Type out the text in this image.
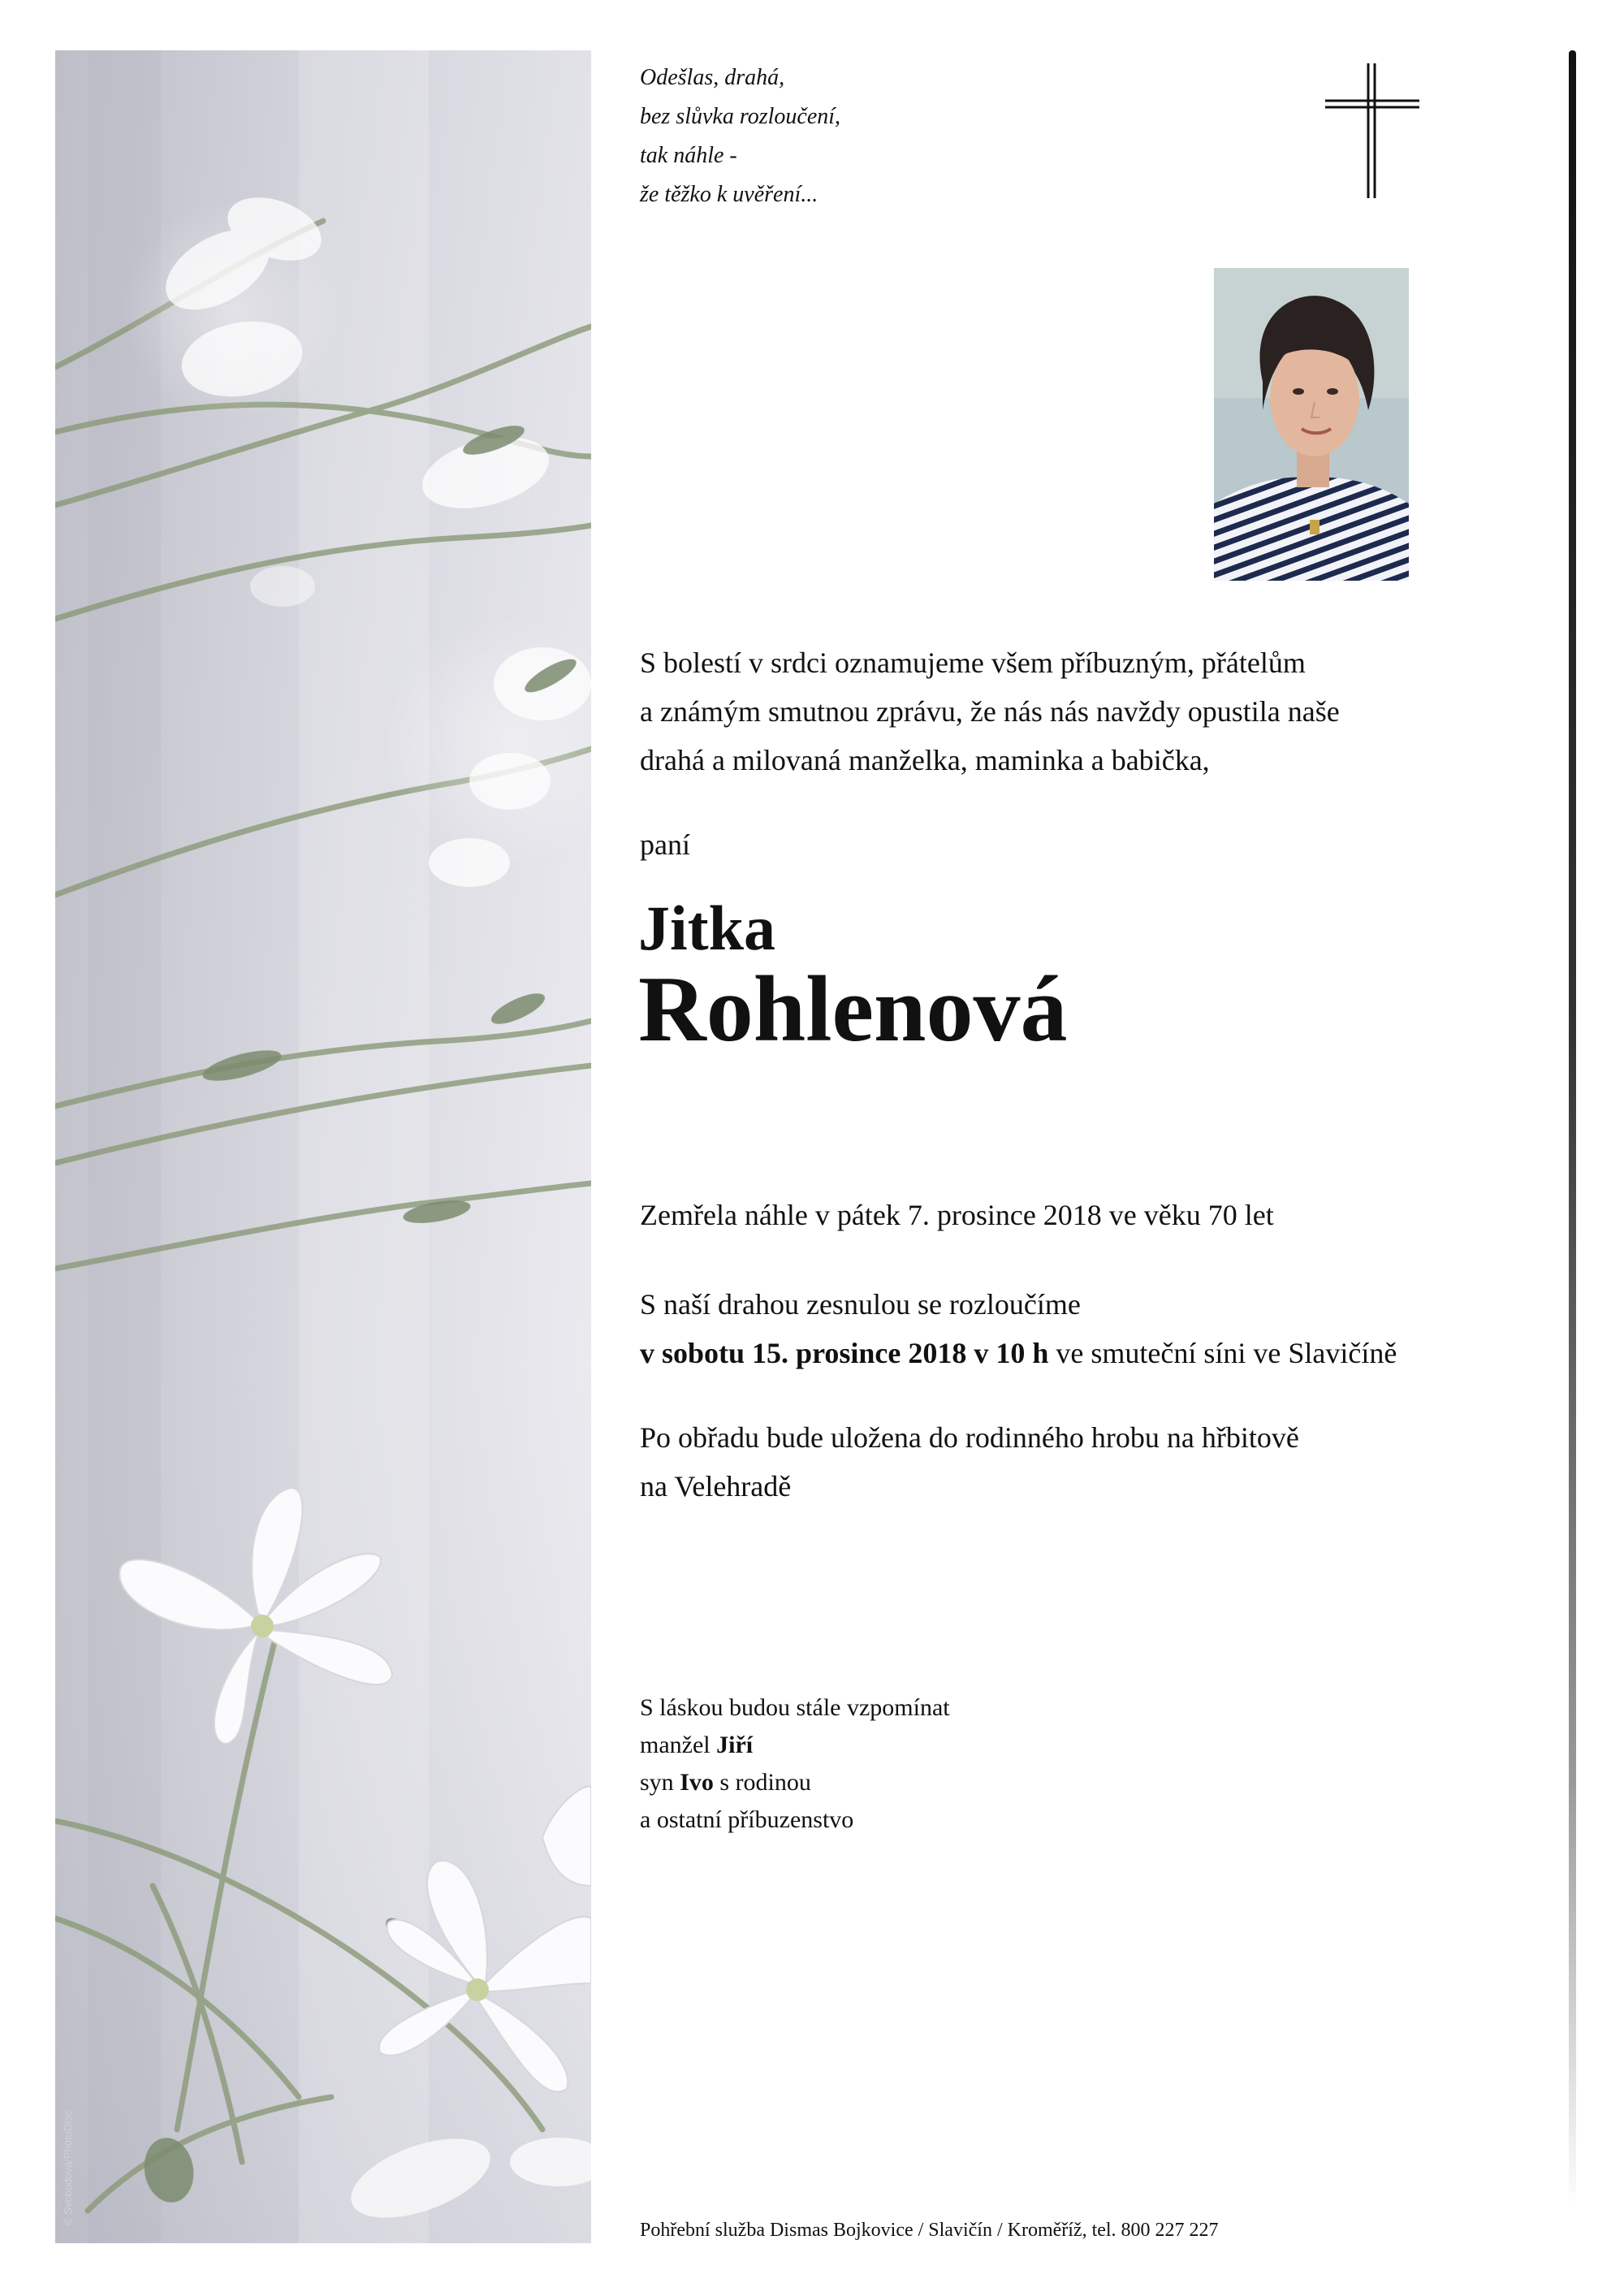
© Svobodová/PhotoDisc
Odešlas, drahá,
bez slůvka rozloučení,
tak náhle -
že těžko k uvěření...
S bolestí v srdci oznamujeme všem příbuzným, přátelům
a známým smutnou zprávu, že nás nás navždy opustila naše
drahá a milovaná manželka, maminka a babička,
paní
Jitka
Rohlenová
Zemřela náhle v pátek 7. prosince 2018 ve věku 70 let
S naší drahou zesnulou se rozloučíme
v sobotu 15. prosince 2018 v 10 h ve smuteční síni ve Slavičíně
Po obřadu bude uložena do rodinného hrobu na hřbitově
na Velehradě
S láskou budou stále vzpomínat
manžel Jiří
syn Ivo s rodinou
a ostatní příbuzenstvo
Pohřební služba Dismas Bojkovice / Slavičín / Kroměříž, tel. 800 227 227
